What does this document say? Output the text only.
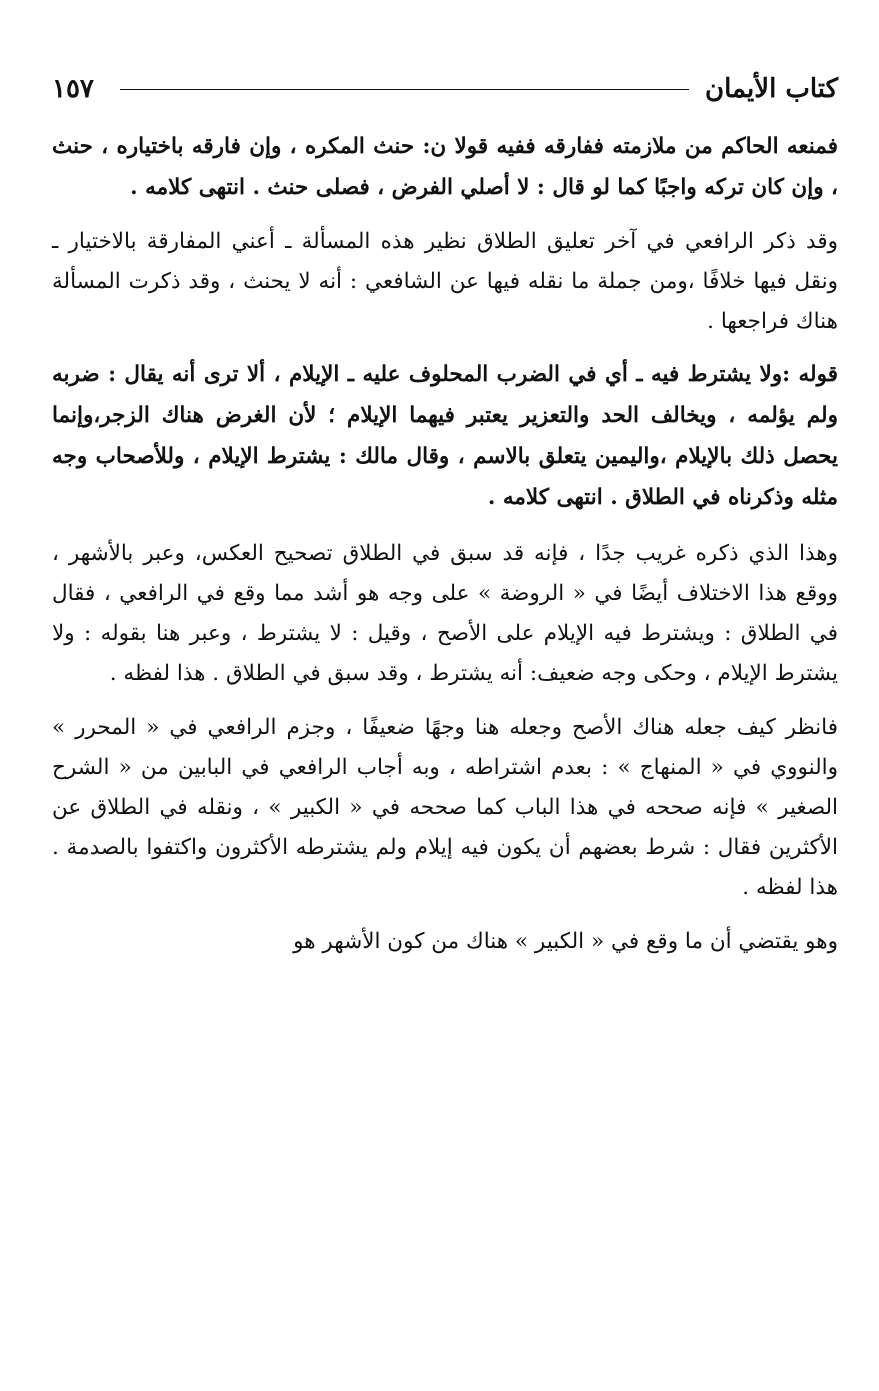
كتاب الأيمان
١٥٧

فمنعه الحاكم من ملازمته ففارقه ففيه قولا ن: حنث المكره ، وإن فارقه باختياره ، حنث ، وإن كان تركه واجبًا كما لو قال : لا أصلي الفرض ، فصلى حنث . انتهى كلامه .

وقد ذكر الرافعي في آخر تعليق الطلاق نظير هذه المسألة ـ أعني المفارقة بالاختيار ـ ونقل فيها خلافًا ،ومن جملة ما نقله فيها عن الشافعي : أنه لا يحنث ، وقد ذكرت المسألة هناك فراجعها .

قوله :ولا يشترط فيه ـ أي في الضرب المحلوف عليه ـ الإيلام ، ألا ترى أنه يقال : ضربه ولم يؤلمه ، ويخالف الحد والتعزير يعتبر فيهما الإيلام ؛ لأن الغرض هناك الزجر،وإنما يحصل ذلك بالإيلام ،واليمين يتعلق بالاسم ، وقال مالك : يشترط الإيلام ، وللأصحاب وجه مثله وذكرناه في الطلاق . انتهى كلامه .

وهذا الذي ذكره غريب جدًا ، فإنه قد سبق في الطلاق تصحيح العكس، وعبر بالأشهر ، ووقع هذا الاختلاف أيضًا في « الروضة » على وجه هو أشد مما وقع في الرافعي ، فقال في الطلاق : ويشترط فيه الإيلام على الأصح ، وقيل : لا يشترط ، وعبر هنا بقوله : ولا يشترط الإيلام ، وحكى وجه ضعيف: أنه يشترط ، وقد سبق في الطلاق . هذا لفظه .

فانظر كيف جعله هناك الأصح وجعله هنا وجهًا ضعيفًا ، وجزم الرافعي في « المحرر » والنووي في « المنهاج » : بعدم اشتراطه ، وبه أجاب الرافعي في البابين من « الشرح الصغير » فإنه صححه في هذا الباب كما صححه في « الكبير » ، ونقله في الطلاق عن الأكثرين فقال : شرط بعضهم أن يكون فيه إيلام ولم يشترطه الأكثرون واكتفوا بالصدمة . هذا لفظه .

وهو يقتضي أن ما وقع في « الكبير » هناك من كون الأشهر هو
